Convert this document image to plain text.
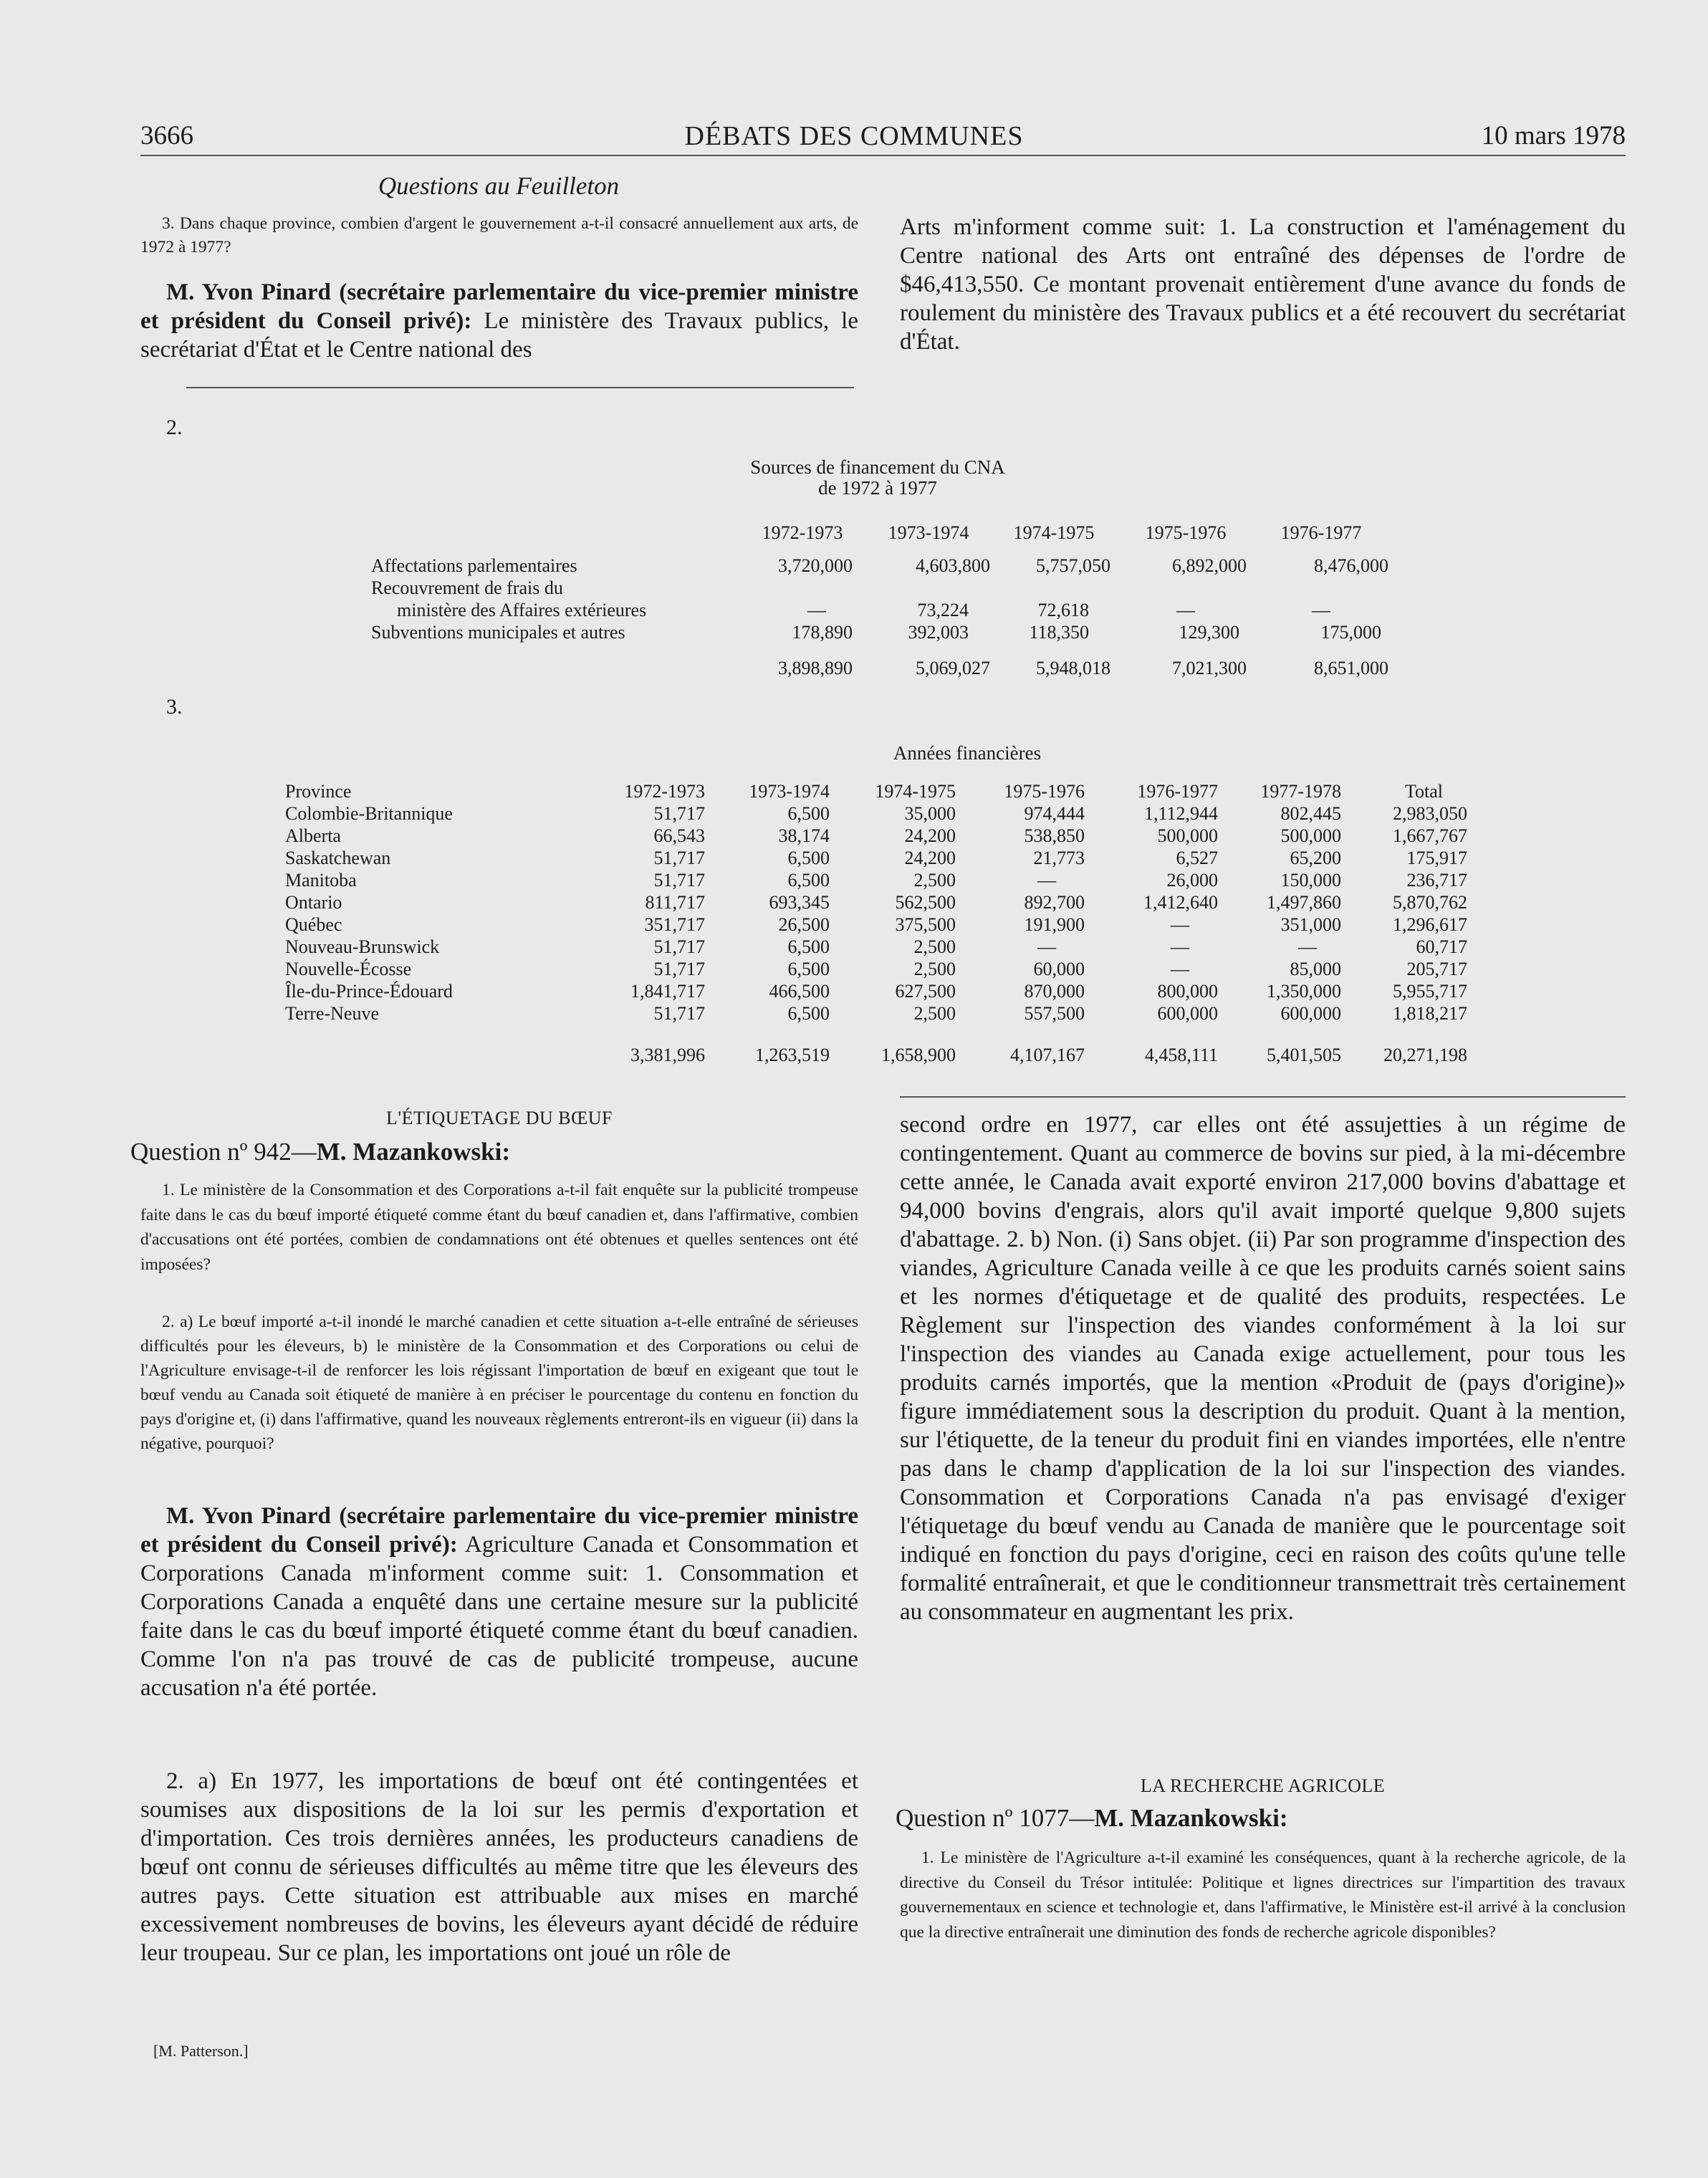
3666	DÉBATS DES COMMUNES	10 mars 1978
Questions au Feuilleton
3. Dans chaque province, combien d'argent le gouvernement a-t-il consacré annuellement aux arts, de 1972 à 1977?
M. Yvon Pinard (secrétaire parlementaire du vice-premier ministre et président du Conseil privé): Le ministère des Travaux publics, le secrétariat d'État et le Centre national des
Arts m'informent comme suit: 1. La construction et l'aménagement du Centre national des Arts ont entraîné des dépenses de l'ordre de $46,413,550. Ce montant provenait entièrement d'une avance du fonds de roulement du ministère des Travaux publics et a été recouvert du secrétariat d'État.
2.
Sources de financement du CNA
de 1972 à 1977
	1972-1973	1973-1974	1974-1975	1975-1976	1976-1977
Affectations parlementaires	3,720,000	4,603,800	5,757,050	6,892,000	8,476,000
Recouvrement de frais du					
ministère des Affaires extérieures	—	73,224	72,618	—	—
Subventions municipales et autres	178,890	392,003	118,350	129,300	175,000
	3,898,890	5,069,027	5,948,018	7,021,300	8,651,000
3.
Années financières
Province	1972-1973	1973-1974	1974-1975	1975-1976	1976-1977	1977-1978	Total
Colombie-Britannique	51,717	6,500	35,000	974,444	1,112,944	802,445	2,983,050
Alberta	66,543	38,174	24,200	538,850	500,000	500,000	1,667,767
Saskatchewan	51,717	6,500	24,200	21,773	6,527	65,200	175,917
Manitoba	51,717	6,500	2,500	—	26,000	150,000	236,717
Ontario	811,717	693,345	562,500	892,700	1,412,640	1,497,860	5,870,762
Québec	351,717	26,500	375,500	191,900	—	351,000	1,296,617
Nouveau-Brunswick	51,717	6,500	2,500	—	—	—	60,717
Nouvelle-Écosse	51,717	6,500	2,500	60,000	—	85,000	205,717
Île-du-Prince-Édouard	1,841,717	466,500	627,500	870,000	800,000	1,350,000	5,955,717
Terre-Neuve	51,717	6,500	2,500	557,500	600,000	600,000	1,818,217
	3,381,996	1,263,519	1,658,900	4,107,167	4,458,111	5,401,505	20,271,198
L'ÉTIQUETAGE DU BŒUF
Question nº 942—M. Mazankowski:
1. Le ministère de la Consommation et des Corporations a-t-il fait enquête sur la publicité trompeuse faite dans le cas du bœuf importé étiqueté comme étant du bœuf canadien et, dans l'affirmative, combien d'accusations ont été portées, combien de condamnations ont été obtenues et quelles sentences ont été imposées?
2. a) Le bœuf importé a-t-il inondé le marché canadien et cette situation a-t-elle entraîné de sérieuses difficultés pour les éleveurs, b) le ministère de la Consommation et des Corporations ou celui de l'Agriculture envisage-t-il de renforcer les lois régissant l'importation de bœuf en exigeant que tout le bœuf vendu au Canada soit étiqueté de manière à en préciser le pourcentage du contenu en fonction du pays d'origine et, (i) dans l'affirmative, quand les nouveaux règlements entreront-ils en vigueur (ii) dans la négative, pourquoi?
M. Yvon Pinard (secrétaire parlementaire du vice-premier ministre et président du Conseil privé): Agriculture Canada et Consommation et Corporations Canada m'informent comme suit: 1. Consommation et Corporations Canada a enquêté dans une certaine mesure sur la publicité faite dans le cas du bœuf importé étiqueté comme étant du bœuf canadien. Comme l'on n'a pas trouvé de cas de publicité trompeuse, aucune accusation n'a été portée.
2. a) En 1977, les importations de bœuf ont été contingentées et soumises aux dispositions de la loi sur les permis d'exportation et d'importation. Ces trois dernières années, les producteurs canadiens de bœuf ont connu de sérieuses difficultés au même titre que les éleveurs des autres pays. Cette situation est attribuable aux mises en marché excessivement nombreuses de bovins, les éleveurs ayant décidé de réduire leur troupeau. Sur ce plan, les importations ont joué un rôle de
[M. Patterson.]
second ordre en 1977, car elles ont été assujetties à un régime de contingentement. Quant au commerce de bovins sur pied, à la mi-décembre cette année, le Canada avait exporté environ 217,000 bovins d'abattage et 94,000 bovins d'engrais, alors qu'il avait importé quelque 9,800 sujets d'abattage. 2. b) Non. (i) Sans objet. (ii) Par son programme d'inspection des viandes, Agriculture Canada veille à ce que les produits carnés soient sains et les normes d'étiquetage et de qualité des produits, respectées. Le Règlement sur l'inspection des viandes conformément à la loi sur l'inspection des viandes au Canada exige actuellement, pour tous les produits carnés importés, que la mention «Produit de (pays d'origine)» figure immédiatement sous la description du produit. Quant à la mention, sur l'étiquette, de la teneur du produit fini en viandes importées, elle n'entre pas dans le champ d'application de la loi sur l'inspection des viandes. Consommation et Corporations Canada n'a pas envisagé d'exiger l'étiquetage du bœuf vendu au Canada de manière que le pourcentage soit indiqué en fonction du pays d'origine, ceci en raison des coûts qu'une telle formalité entraînerait, et que le conditionneur transmettrait très certainement au consommateur en augmentant les prix.
LA RECHERCHE AGRICOLE
Question nº 1077—M. Mazankowski:
1. Le ministère de l'Agriculture a-t-il examiné les conséquences, quant à la recherche agricole, de la directive du Conseil du Trésor intitulée: Politique et lignes directrices sur l'impartition des travaux gouvernementaux en science et technologie et, dans l'affirmative, le Ministère est-il arrivé à la conclusion que la directive entraînerait une diminution des fonds de recherche agricole disponibles?
